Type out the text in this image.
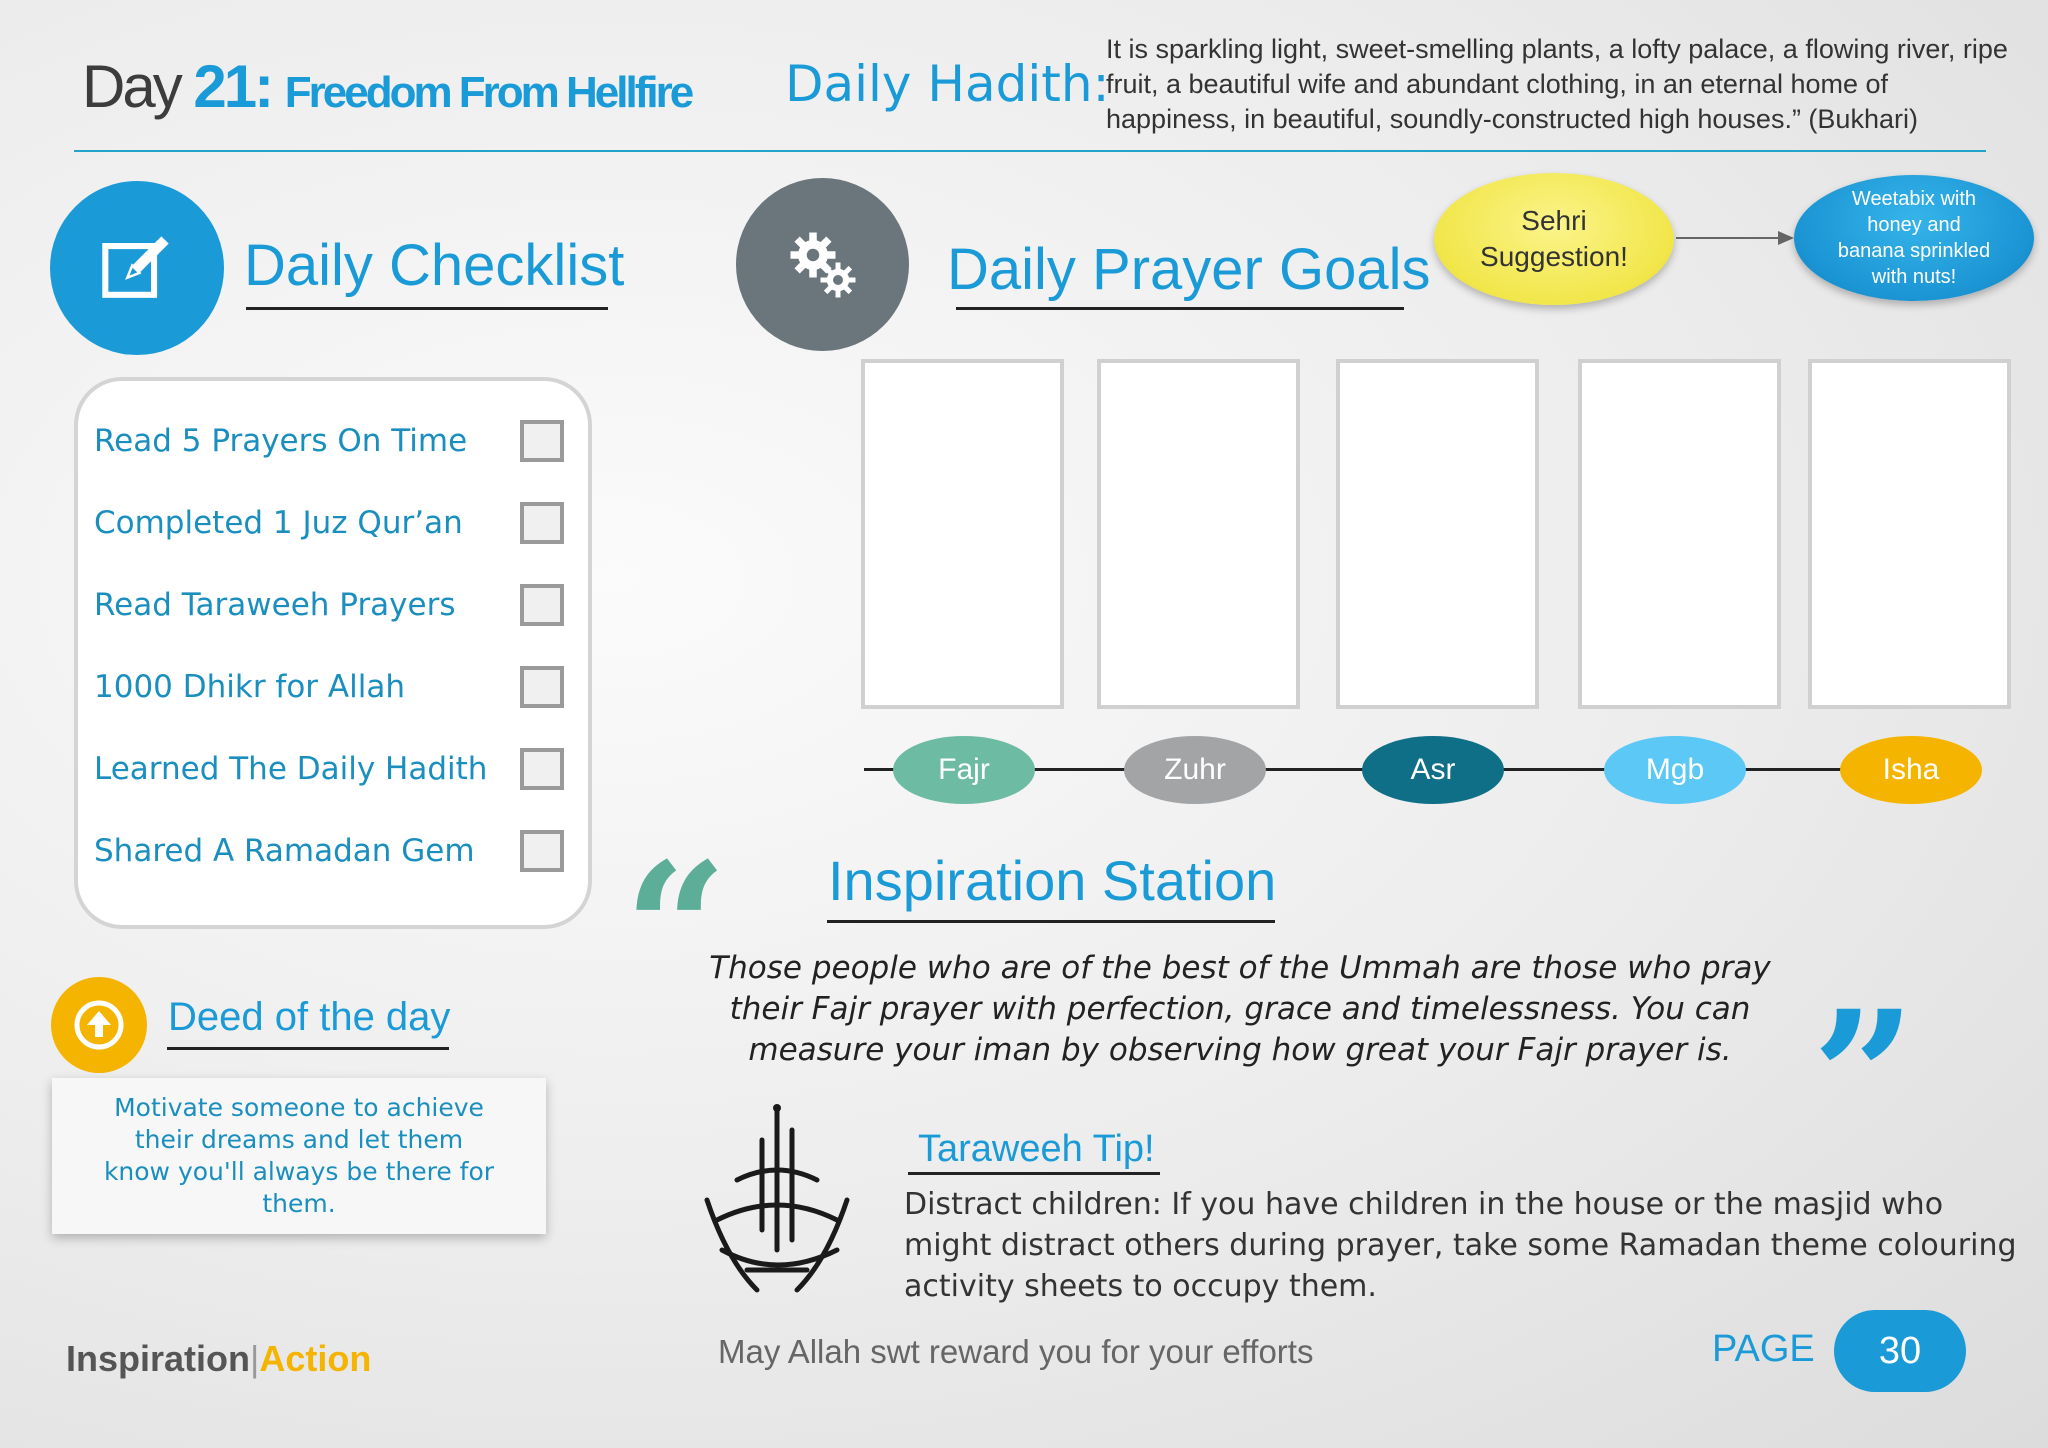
Day 21: Freedom From Hellfire Daily Hadith:
It is sparkling light, sweet-smelling plants, a lofty palace, a flowing river, ripe fruit, a beautiful wife and abundant clothing, in an eternal home of happiness, in beautiful, soundly-constructed high houses.” (Bukhari)
Daily Checklist	Daily Prayer Goals
Sehri
Suggestion!
Weetabix with
honey and
banana sprinkled
with nuts!
Read 5 Prayers On Time
Completed 1 Juz Qur’an
Read Taraweeh Prayers
1000 Dhikr for Allah
Learned The Daily Hadith
Shared A Ramadan Gem
Fajr	Zuhr	Asr	Mgb	Isha
“ Inspiration Station
Those people who are of the best of the Ummah are those who pray their Fajr prayer with perfection, grace and timelessness. You can measure your iman by observing how great your Fajr prayer is. ”
Deed of the day
Motivate someone to achieve their dreams and let them know you'll always be there for them.
Taraweeh Tip!
Distract children: If you have children in the house or the masjid who might distract others during prayer, take some Ramadan theme colouring activity sheets to occupy them.
Inspiration|Action	May Allah swt reward you for your efforts	PAGE 30
